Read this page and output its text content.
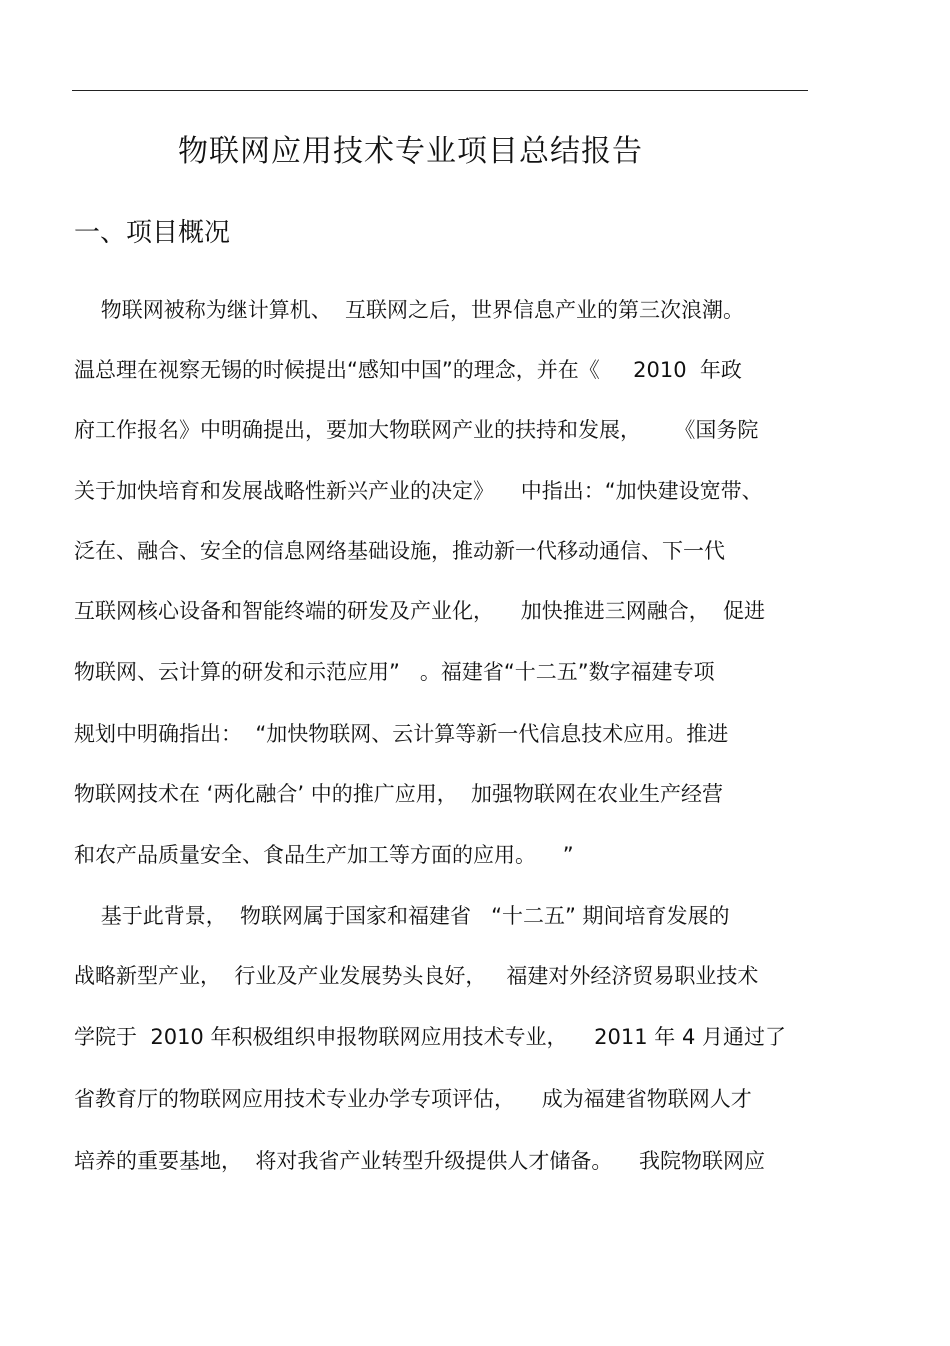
物联网应用技术专业项目总结报告
一、项目概况
物联网被称为继计算机、  互联网之后，世界信息产业的第三次浪潮。
温总理在视察无锡的时候提出“感知中国”的理念，并在《     2010  年政
府工作报名》中明确提出，要加大物联网产业的扶持和发展，     《国务院
关于加快培育和发展战略性新兴产业的决定》    中指出：“加快建设宽带、
泛在、融合、安全的信息网络基础设施，推动新一代移动通信、下一代
互联网核心设备和智能终端的研发及产业化，    加快推进三网融合，  促进
物联网、云计算的研发和示范应用”   。福建省“十二五”数字福建专项
规划中明确指出：  “加快物联网、云计算等新一代信息技术应用。推进
物联网技术在 ‘两化融合’ 中的推广应用，  加强物联网在农业生产经营
和农产品质量安全、食品生产加工等方面的应用。    ”
基于此背景，  物联网属于国家和福建省   “十二五” 期间培育发展的
战略新型产业，  行业及产业发展势头良好，   福建对外经济贸易职业技术
学院于  2010 年积极组织申报物联网应用技术专业，    2011 年 4 月通过了
省教育厅的物联网应用技术专业办学专项评估，    成为福建省物联网人才
培养的重要基地，  将对我省产业转型升级提供人才储备。    我院物联网应
